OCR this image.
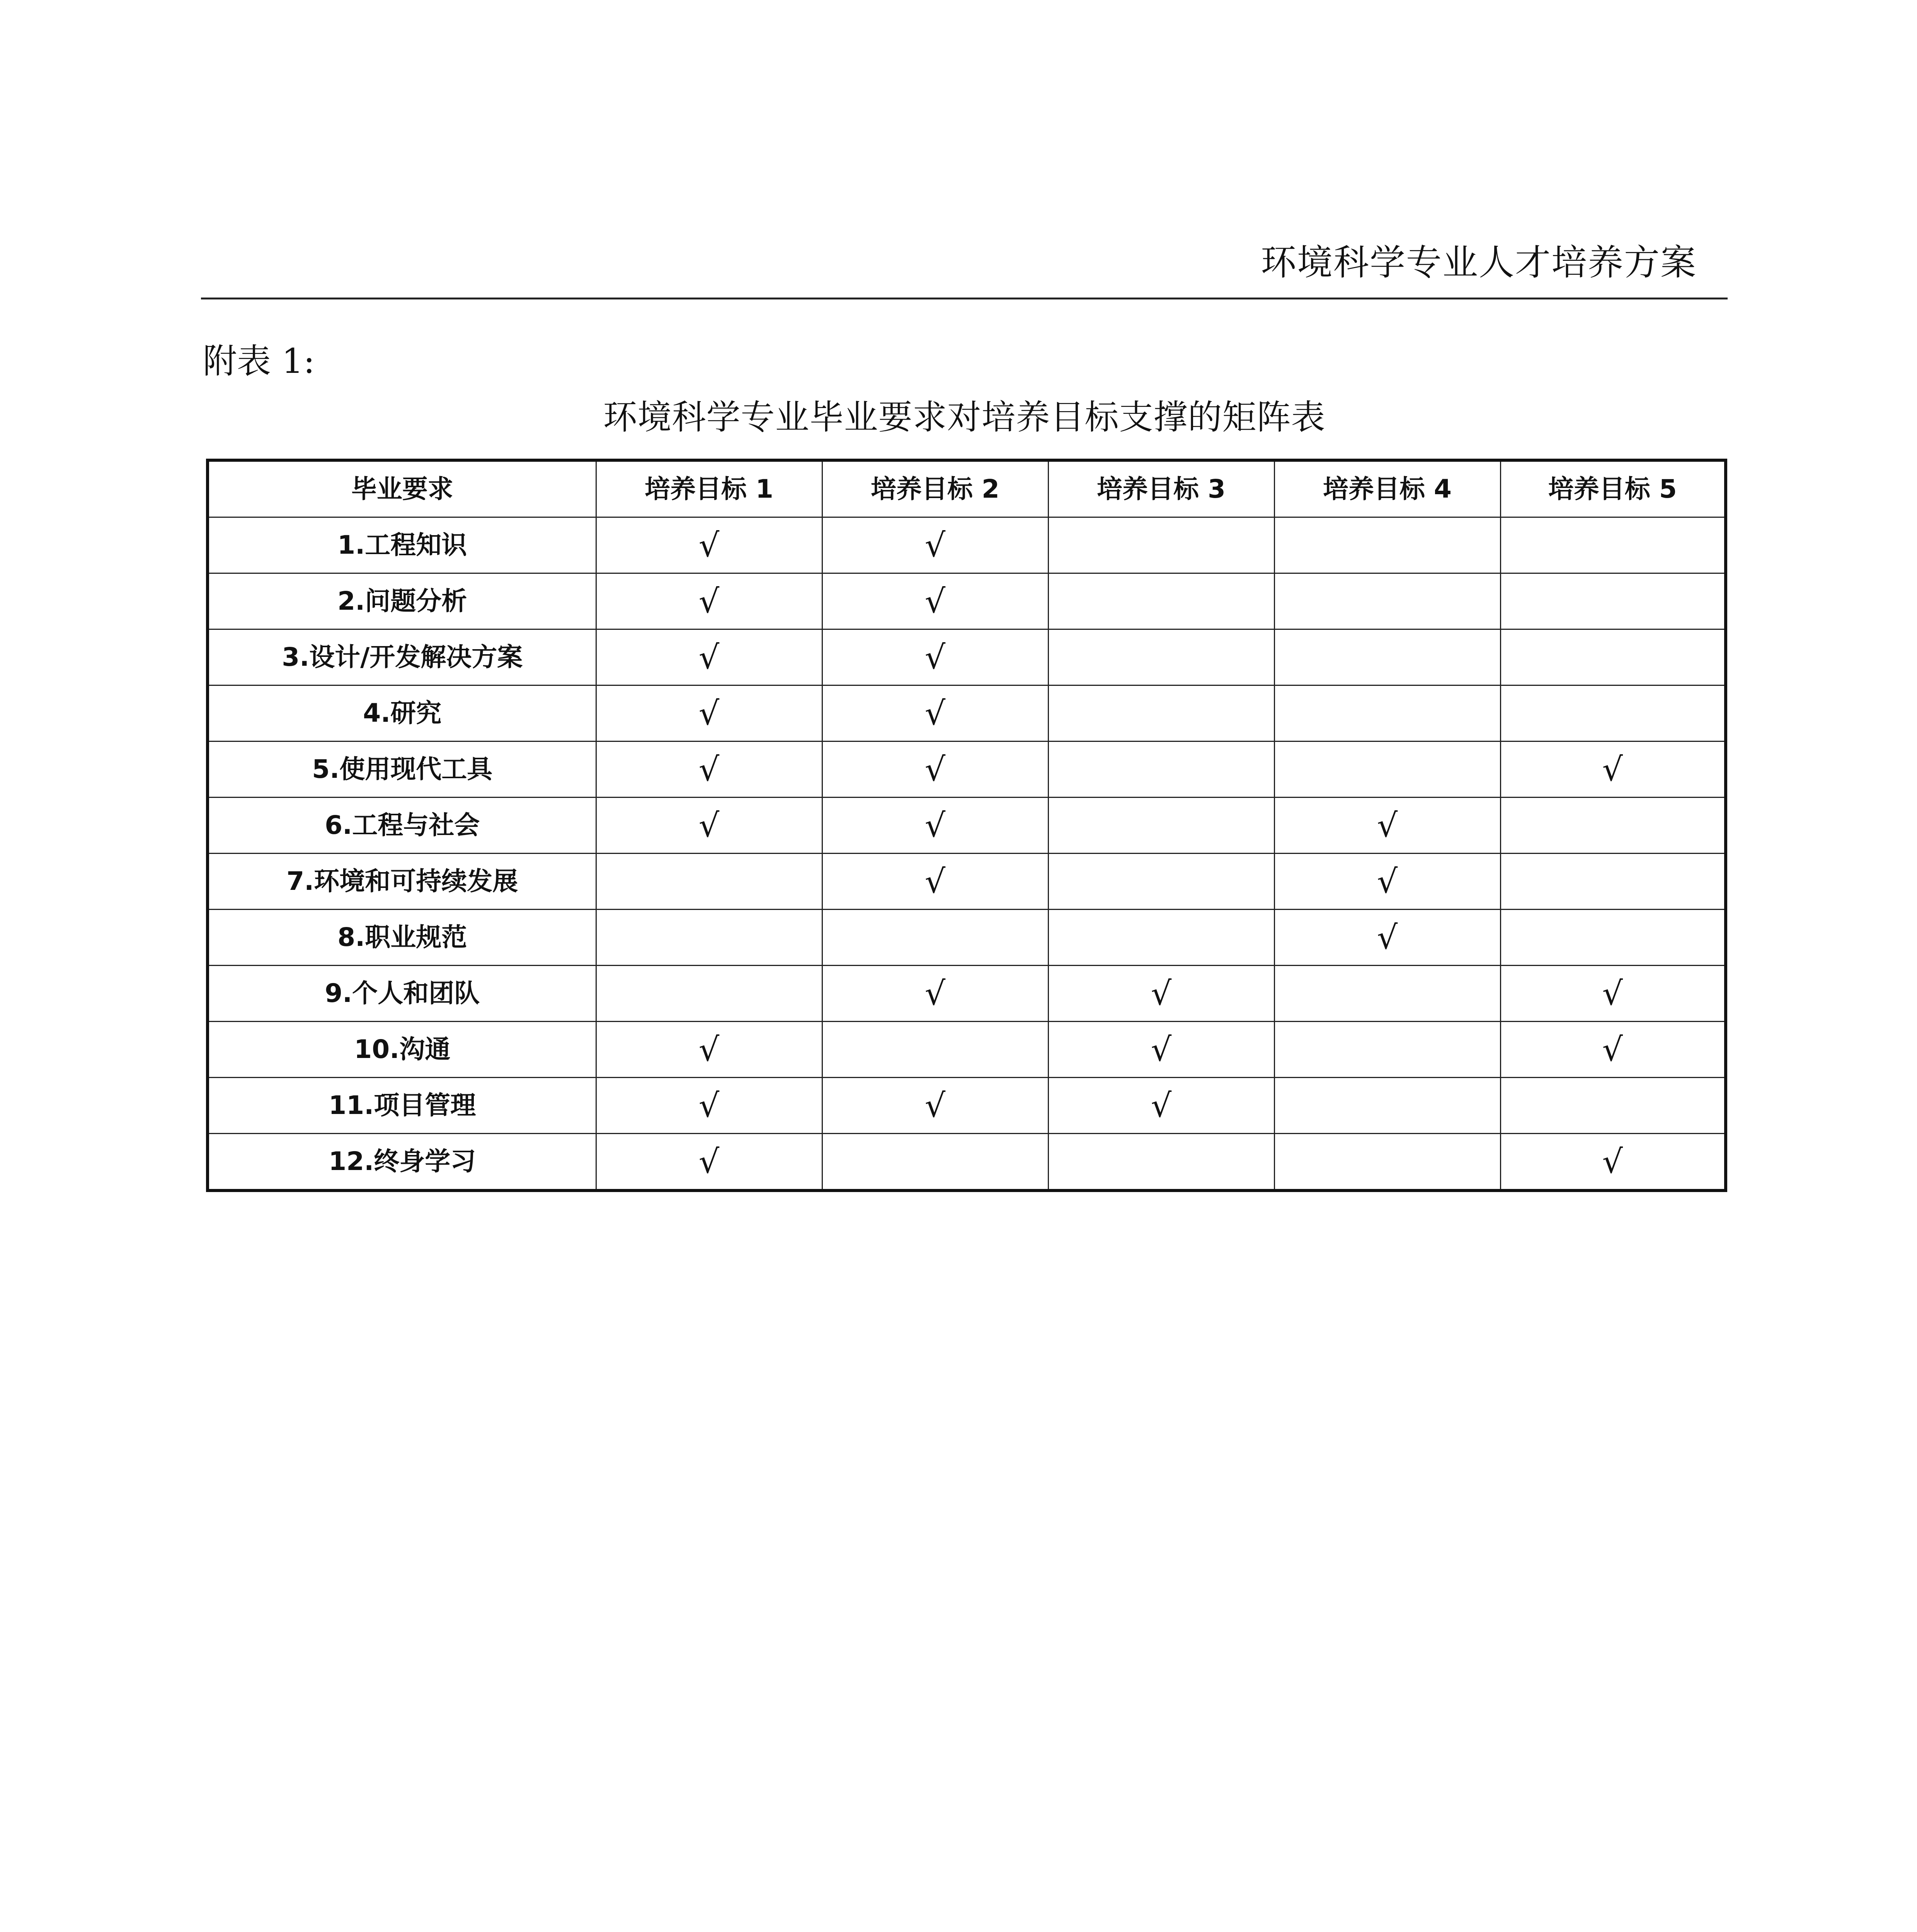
环境科学专业人才培养方案
附表 1:
环境科学专业毕业要求对培养目标支撑的矩阵表
毕业要求	培养目标 1	培养目标 2	培养目标 3	培养目标 4	培养目标 5
1.工程知识	√	√			
2.问题分析	√	√			
3.设计/开发解决方案	√	√			
4.研究	√	√			
5.使用现代工具	√	√			√
6.工程与社会	√	√		√	
7.环境和可持续发展		√		√	
8.职业规范				√	
9.个人和团队		√	√		√
10.沟通	√		√		√
11.项目管理	√	√	√		
12.终身学习	√				√
